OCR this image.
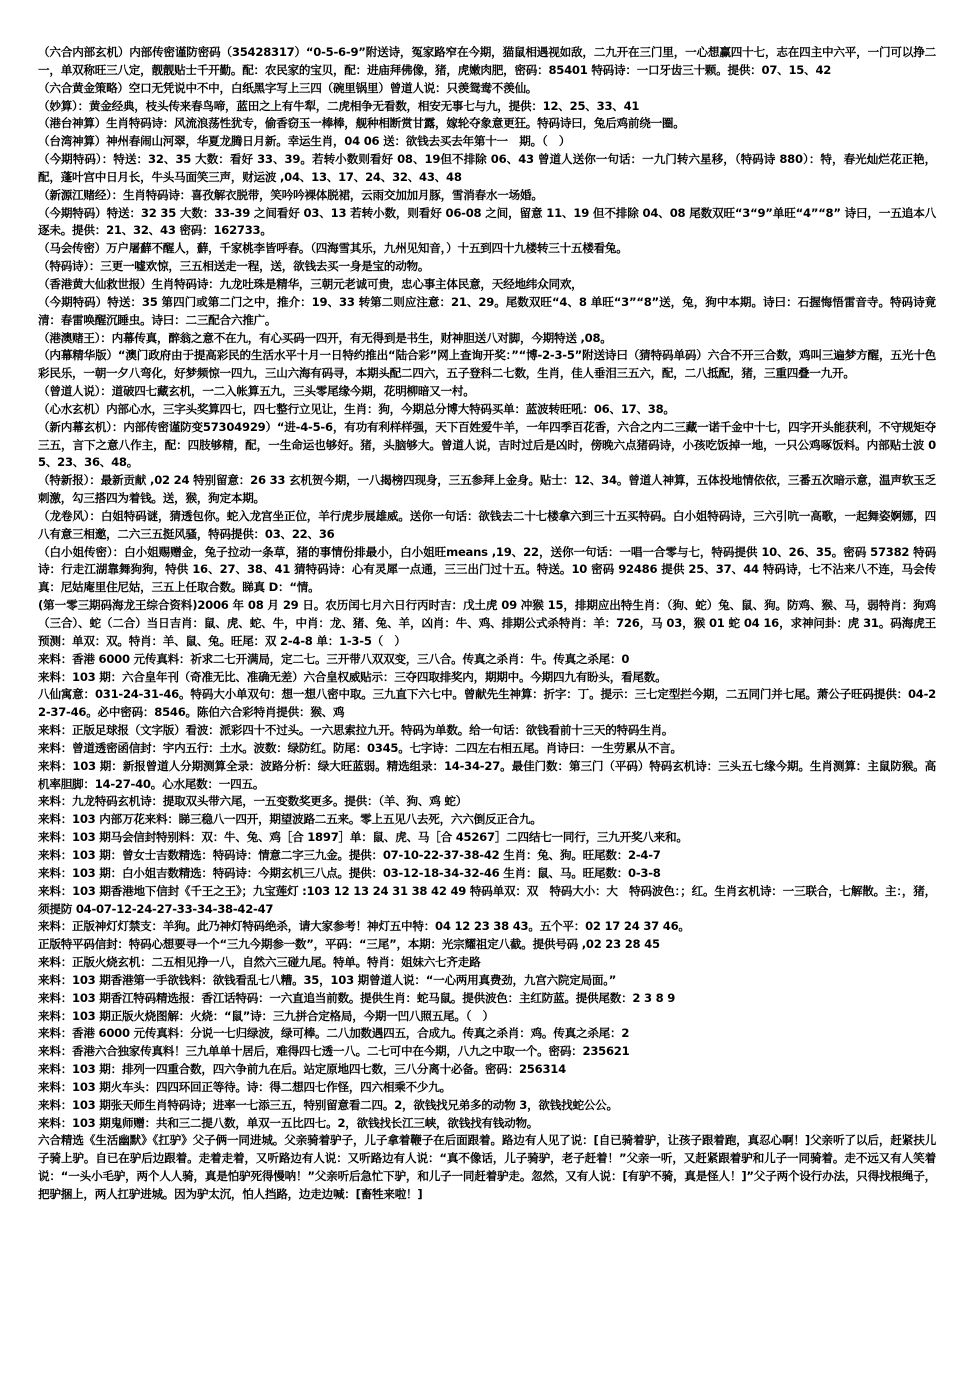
（六合内部玄机）内部传密谨防密码（35428317）“0-5-6-9”附送诗，冤家路窄在今期，猫鼠相遇视如敌，二九开在三门里，一心想赢四十七，志在四主中六平，一门可以挣二一，单双称旺三八定，靓靓贴士千开勤。配：农民家的宝贝，配：进庙拜佛像，猪，虎嫩肉肥，密码：85401 特码诗：一口牙齿三十颗。提供：07、15、42

（六合黄金策略）空口无凭说中不中，白纸黑字写上三四（碗里锅里）曾道人说：只羡鸳鸯不羡仙。

（妙算）：黄金经典，枝头传来春鸟啼，蓝田之上有牛犁，二虎相争无看数，相安无事七与九，提供：12、25、33、41

（港台神算）生肖特码诗：风流浪荡性犹专，偷香窃玉一棒棒，舰种相断赏甘露，嫁轮夺象意更狂。特码诗曰，兔后鸡前绕一圈。

（台湾神算）神州春闹山河翠，华夏龙腾日月新。幸运生肖，04 06 送：欲钱去买去年第十一　期。（　）

（今期特码）：特送：32、35 大数：看好 33、39。若转小数则看好 08、19但不排除 06、43 曾道人送你一句话：一九门转六星移，（特码诗 880）：特，春光灿烂花正艳，配，蓬叶宫中日月长，牛头马面笑三声，财运波 ,04、13、17、24、32、43、48

（新源江赌经）：生肖特码诗：喜孜解衣脱带，笑吟吟裸体脱裙，云雨交加加月豚，雪消春水一场婚。

（今期特码）特送：32 35 大数：33-39 之间看好 03、13 若转小数，则看好 06-08 之间，留意 11、19 但不排除 04、08 尾数双旺“3“9”单旺“4”“8” 诗曰，一五追本八逐未。提供：21、32、43 密码：162733。

（马会传密）万户屠蘚不醒人，蘚，千家桃李皆呼春。（四海雪其乐，九州见知音，）十五到四十九楼转三十五楼看兔。

（特码诗）：三更一嘘欢惊，三五相送走一程，送，欲钱去买一身是宝的动物。

（香港黄大仙救世报）生肖特码诗：九龙吐珠是精华，三朝元老诚可贵，忠心事主体民意，天经地纬众同欢，

（今期特码）特送：35 第四门或第二门之中，推介：19、33 转第二则应注意：21、29。尾数双旺“4、8 单旺“3”“8”送，兔，狗中本期。诗曰：石握悔悟雷音寺。特码诗竟清：春雷唤醒沉睡虫。诗曰：二三配合六推广。

（港澳赌王）：内幕传真，醉翁之意不在九，有心买码一四开，有无得到是书生，财神胆送八对脚，今期特送 ,08。

（内幕精华版）“澳门政府由于提高彩民的生活水平十月一日特约推出“陆合彩”网上查询开奖：”“博-2-3-5”附送诗曰（猜特码单码）六合不开三合数，鸡叫三遍梦方醒，五光十色彩民乐，一朝一夕八弯化，好梦频惊一四九，三山六海有码寻，本期头配二四六，五子登科二七数，生肖，佳人垂泪三五六，配，二八抵配，猪，三重四叠一九开。

（曾道人说）：道破四七藏玄机，一二入帐算五九，三头零尾缘今期，花明柳暗又一村。

（心水玄机）内部心水，三字头奖算四七，四七整行立见让，生肖：狗，今期总分博大特码买单：蓝波转旺吼：06、17、38。

（新内幕玄机）：内部传密谨防变57304929）“进-4-5-6，有功有利样样强，天下百姓爱牛羊，一年四季百花香，六合之内二三藏一诺千金中十七，四字开头能获利，不守规矩夺三五，言下之意八作主，配：四肢够精，配，一生命运也够好。猪，头脑够大。曾道人说，吉时过后是凶时，傍晚六点猪码诗，小孩吃饭掉一地，一只公鸡啄饭料。内部贴士波 05、23、36、48。

（特新报）：最新贡献 ,02 24 特别留意：26 33 玄机贺今期，一八揭榜四现身，三五参拜上金身。贴士：12、34。曾道人神算，五体投地情依依，三番五次暗示意，温声软玉乏刺激，勾三搭四为着钱。送，猴，狗定本期。

（龙卷风）：白姐特码谜，猜透包你。蛇入龙宫坐正位，羊行虎步展雄威。送你一句话：欲钱去二十七楼拿六到三十五买特码。白小姐特码诗，三六引吭一高歌，一起舞姿婀娜，四八有意三相邀，二六三五挺风骚，特码提供：03、22、36

（白小姐传密）：白小姐赐赠金，兔子拉动一条草，猪的事情份排最小，白小姐旺means ,19、22，送你一句话：一唱一合零与七，特码提供 10、26、35。密码 57382 特码诗：行走江湖靠舞狗狗，特供 16、27、38、41 猜特码诗：心有灵犀一点通，三三出门过十五。特送。10 密码 92486 提供 25、37、44 特码诗，七不沾来八不连，马会传真：尼姑庵里住尼姑，三五上任取合数。睇真 D：“情。

(第一零三期码海龙王综合资料)2006 年 08 月 29 日。农历闰七月六日行丙时吉：戊土虎 09 冲猴 15，排期应出特生肖：（狗、蛇）兔、鼠、狗。防鸡、猴、马，弱特肖：狗鸡（三合）、蛇（二合）当日吉肖：鼠、虎、蛇、牛，中肖：龙、猪、兔、羊，凶肖：牛、鸡、排期公式杀特肖：羊：726，马 03，猴 01 蛇 04 16，求神问卦：虎 31。码海虎王预测：单双：双。特肖：羊、鼠、兔。旺尾：双 2-4-8 单：1-3-5（　）

来料：香港 6000 元传真料：祈求二七开满局，定二七。三开带八双双变，三八合。传真之杀肖：牛。传真之杀尾：0

来料：103 期：六合皇年刊（奇准无比、准确无差）六合皇权威贴示：三夺四取排奖内，期期中。今期四九有盼头，看尾数。

八仙寓意：031-24-31-46。特码大小单双句：想一想八密中取。三九直下六七中。曾献先生神算：折字：丁。提示：三七定型拦今期，二五同门并七尾。萧公子旺码提供：04-22-37-46。必中密码：8546。陈伯六合彩特肖提供：猴、鸡

来料：正版足球报（文字版）看波：派彩四十不过头。一六思索拉九开。特码为单数。给一句话：欲钱看前十三天的特码生肖。

来料：曾道透密函信封：宇内五行：土水。波数：绿防红。防尾：0345。七字诗：二四左右相五尾。肖诗曰：一生劳累从不言。

来料：103 期：新报曾道人分期测算全录：波路分析：绿大旺蓝弱。精选组录：14-34-27。最佳门数：第三门（平码）特码玄机诗：三头五七缘今期。生肖测算：主鼠防猴。高机率胆脚：14-27-40。心水尾数：一四五。

来料：九龙特码玄机诗：提取双头带六尾，一五变数奖更多。提供：（羊、狗、鸡 蛇）

来料：103 内部万花来料：睇三稳八一四开，期望波路二五来。零上五见八去死，六六倒反正合九。

来料：103 期马会信封特别料：双：牛、兔、鸡［合 1897］单：鼠、虎、马［合 45267］二四结七一同行，三九开奖八来和。

来料：103 期：曾女士吉数精选：特码诗：情意二字三九金。提供：07-10-22-37-38-42 生肖：兔、狗。旺尾数：2-4-7

来料：103 期：白小姐吉数精选：特码诗：今期玄机三八点。提供：03-12-18-34-32-46 生肖：鼠、马。旺尾数：0-3-8

来料：103 期香港地下信封《千王之王》；九宝莲灯 :103 12 13 24 31 38 42 49 特码单双：双　特码大小：大　特码波色：；红。生肖玄机诗：一三联合，七解散。主：，猪，须提防 04-07-12-24-27-33-34-38-42-47

来料：正版神灯灯禁支：羊狗。此乃神灯特码绝杀，请大家参考！神灯五中特：04 12 23 38 43。五个平：02 17 24 37 46。

正版特平码信封：特码心想要寻一个“三九今期参一数”，平码：“三尾”，本期：光宗耀祖定八截。提供号码 ,02 23 28 45

来料：正版火烧玄机：二五相见挣一八，自然六三碰九尾。特单。特肖：姐妹六七齐走路

来料：103 期香港第一手欲钱料：欲钱看乱七八糟。35，103 期曾道人说：“一心两用真费劲，九宫六院定局面。”

来料：103 期香江特码精选报：香江话特码：一六直追当前数。提供生肖：蛇马鼠。提供波色：主红防蓝。提供尾数：2 3 8 9

来料：103 期正版火烧图解：火烧：“鼠”诗：三九拼合定格局，今期一凹八照五尾。（　）

来料：香港 6000 元传真料：分说一七归绿波，绿可棒。二八加数遇四五，合成九。传真之杀肖：鸡。传真之杀尾：2

来料：香港六合独家传真料！三九单单十居后，难得四七透一八。二七可中在今期，八九之中取一个。密码：235621

来料：103 期：排列一四重合数，四六争前九在后。站定原地四七数，三八分离十必备。密码：256314

来料：103 期火车头：四四环回正等待。诗：得二想四七作怪，四六相乘不少九。

来料：103 期张天师生肖特码诗；进率一七添三五，特别留意看二四。2，欲钱找兄弟多的动物 3，欲钱找蛇公公。

来料：103 期鬼师赠：共和三二提八数，单双一五比四七。2，欲钱找长江三峡，欲钱找有钱动物。

六合精选《生活幽默》《扛驴》父子俩一同进城。父亲骑着驴子，儿子拿着鞭子在后面跟着。路边有人见了说：[自已骑着驴，让孩子跟着跑，真忍心啊！]父亲听了以后，赶紧扶儿子骑上驴。自已在驴后边跟着。走着走着，又听路边有人说：又听路边有人说：“真不像话，儿子骑驴，老子赶着！”父亲一听，又赶紧跟着驴和儿子一同骑着。走不远又有人笑着说：“一头小毛驴，两个人人骑，真是怕驴死得慢呐！”父亲听后急忙下驴，和儿子一同赶着驴走。忽然，又有人说：[有驴不骑，真是怪人！]”父子两个设行办法，只得找根绳子，把驴捆上，两人扛驴进城。因为驴太沉，怕人挡路，边走边喊：[畜牲来啦！]
